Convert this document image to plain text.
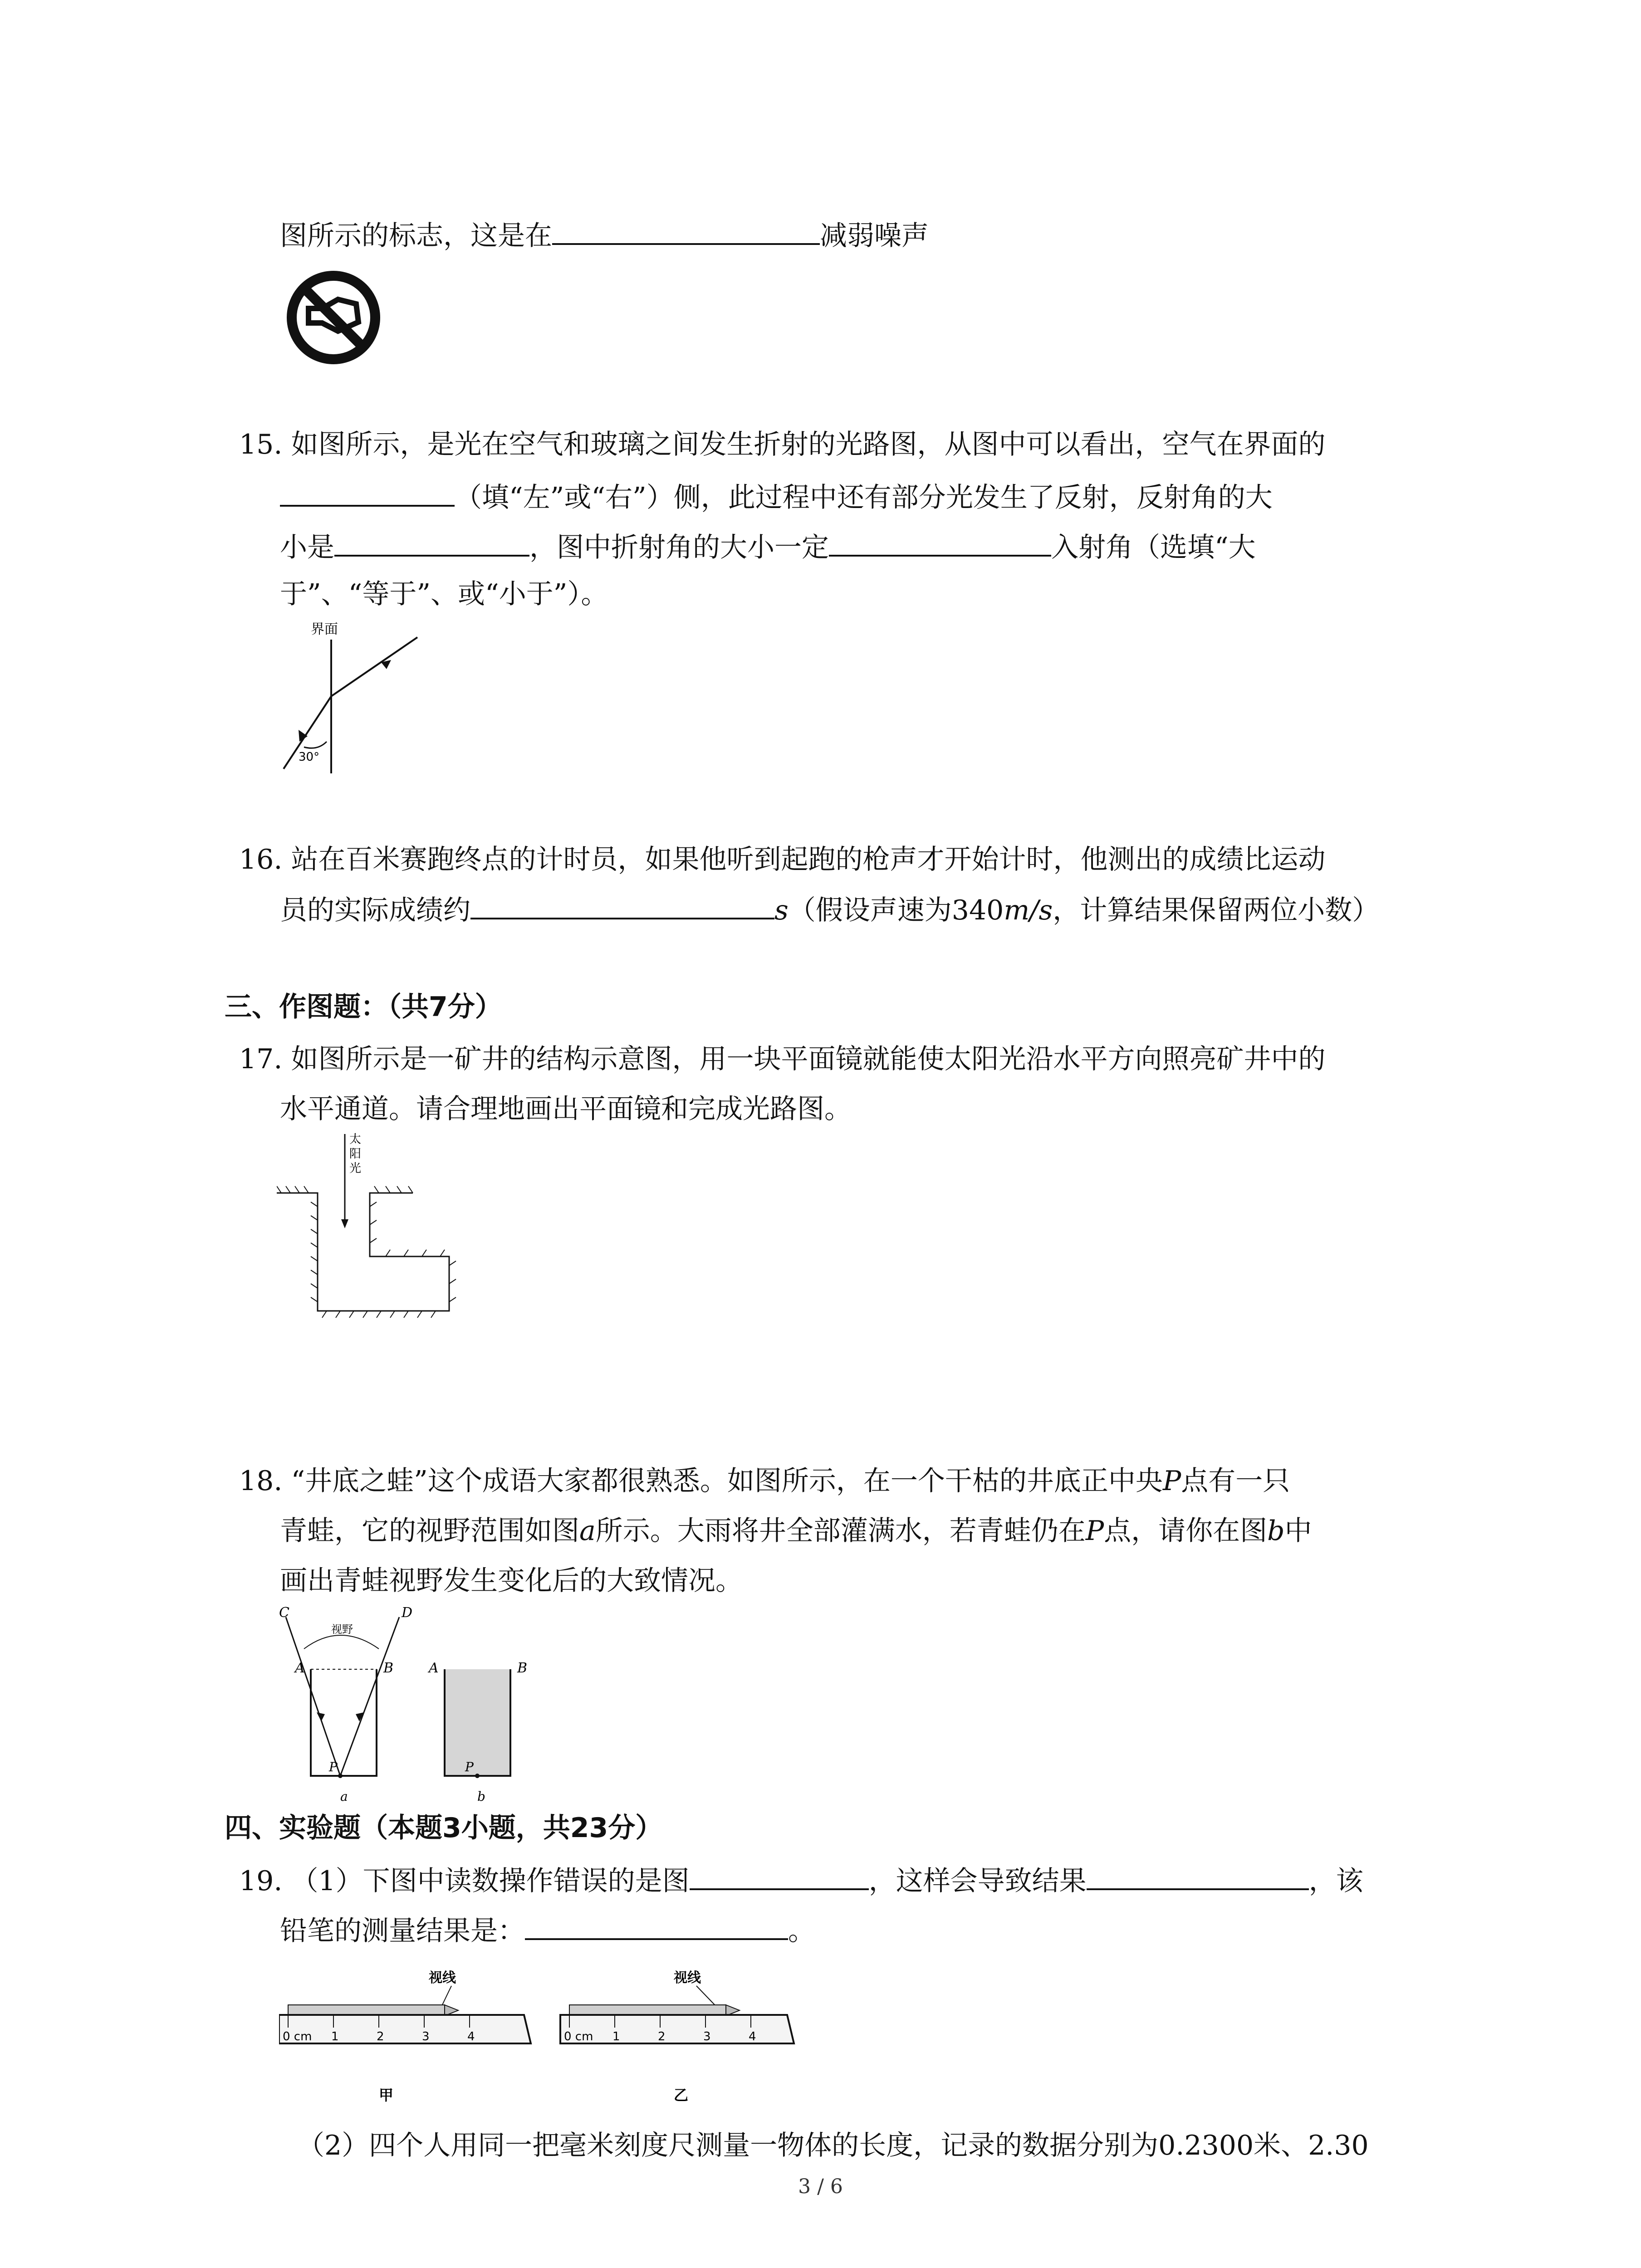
图所示的标志，这是在	减弱噪声
15. 如图所示，是光在空气和玻璃之间发生折射的光路图，从图中可以看出，空气在界面的
（填“左”或“右”）侧，此过程中还有部分光发生了反射，反射角的大
小是	，图中折射角的大小一定	入射角（选填“大
于”、“等于”、或“小于”）。
界面
30°
16. 站在百米赛跑终点的计时员，如果他听到起跑的枪声才开始计时，他测出的成绩比运动
员的实际成绩约	s（假设声速为340m/s，计算结果保留两位小数）
三、作图题：（共7分）
17. 如图所示是一矿井的结构示意图，用一块平面镜就能使太阳光沿水平方向照亮矿井中的
水平通道。请合理地画出平面镜和完成光路图。
太
阳
光
18. “井底之蛙”这个成语大家都很熟悉。如图所示，在一个干枯的井底正中央P点有一只
青蛙，它的视野范围如图a所示。大雨将井全部灌满水，若青蛙仍在P点，请你在图b中
画出青蛙视野发生变化后的大致情况。
C	D
视野
A	B
P
a
A	B
P
b
四、实验题（本题3小题，共23分）
19. （1）下图中读数操作错误的是图	，这样会导致结果	，该
铅笔的测量结果是：	。
视线
0 cm 1	2	3	4
甲
视线
0 cm 1	2	3	4
乙
（2）四个人用同一把毫米刻度尺测量一物体的长度，记录的数据分别为0.2300米、2.30
3 / 6
